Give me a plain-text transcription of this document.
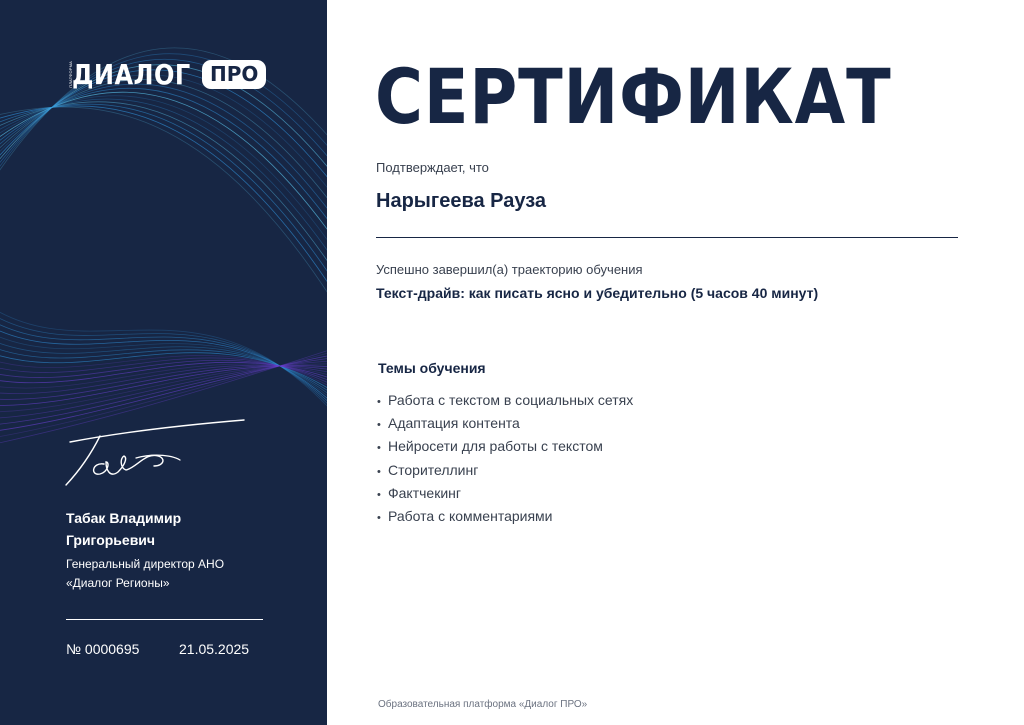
ПЛАТФОРМА ДИАЛОГ ПРО
Табак Владимир
Григорьевич
Генеральный директор АНО
«Диалог Регионы»
№ 0000695	21.05.2025
СЕРТИФИКАТ
Подтверждает, что
Нарыгеева Рауза
Успешно завершил(а) траекторию обучения
Текст-драйв: как писать ясно и убедительно (5 часов 40 минут)
Темы обучения
• Работа с текстом в социальных сетях
• Адаптация контента
• Нейросети для работы с текстом
• Сторителлинг
• Фактчекинг
• Работа с комментариями
Образовательная платформа «Диалог ПРО»
